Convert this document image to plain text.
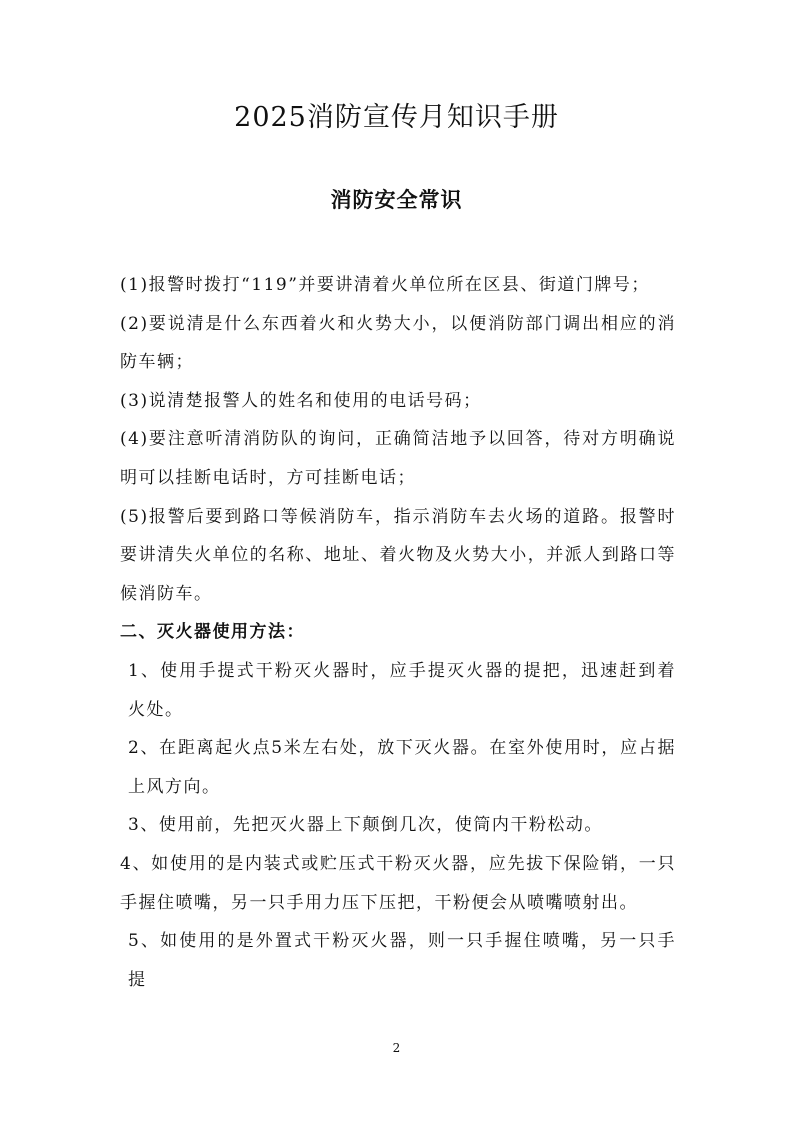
2025消防宣传月知识手册
消防安全常识

(1)报警时拨打“119”并要讲清着火单位所在区县、街道门牌号；

(2)要说清是什么东西着火和火势大小，以便消防部门调出相应的消防车辆；

(3)说清楚报警人的姓名和使用的电话号码；

(4)要注意听清消防队的询问，正确简洁地予以回答，待对方明确说明可以挂断电话时，方可挂断电话；

(5)报警后要到路口等候消防车，指示消防车去火场的道路。报警时要讲清失火单位的名称、地址、着火物及火势大小，并派人到路口等候消防车。

二、灭火器使用方法：

1、使用手提式干粉灭火器时，应手提灭火器的提把，迅速赶到着火处。

2、在距离起火点5米左右处，放下灭火器。在室外使用时，应占据上风方向。

3、使用前，先把灭火器上下颠倒几次，使筒内干粉松动。

4、如使用的是内装式或贮压式干粉灭火器，应先拔下保险销，一只手握住喷嘴，另一只手用力压下压把，干粉便会从喷嘴喷射出。

5、如使用的是外置式干粉灭火器，则一只手握住喷嘴，另一只手提

2
